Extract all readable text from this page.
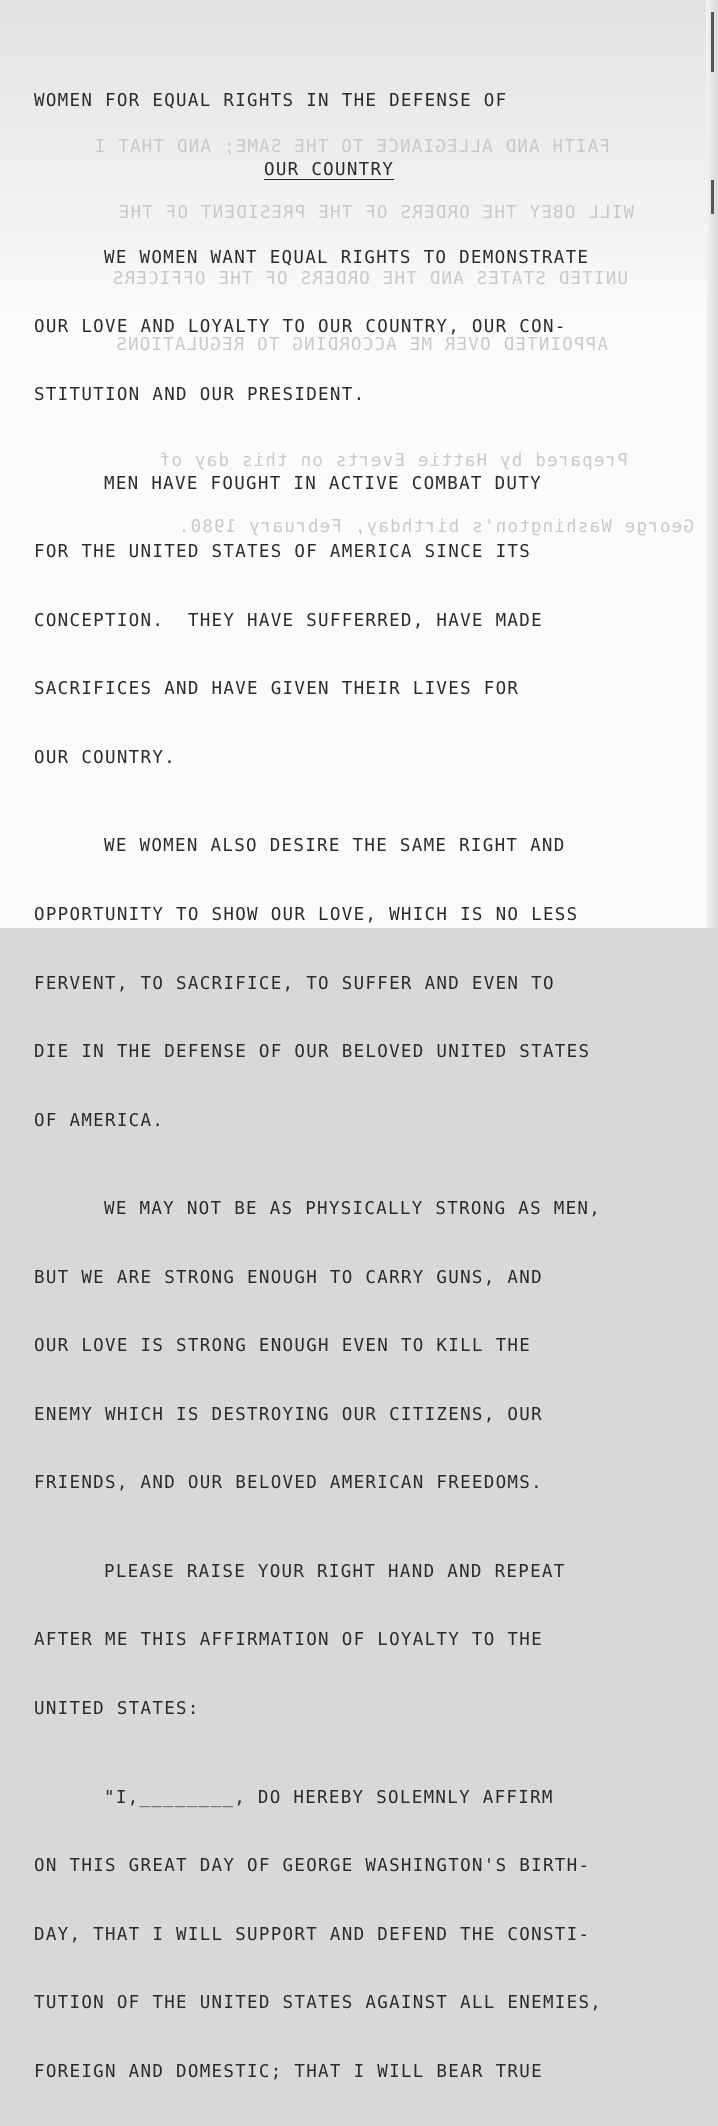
FAITH AND ALLEGIANCE TO THE SAME; AND THAT I

WILL OBEY THE ORDERS OF THE PRESIDENT OF THE

UNITED STATES AND THE ORDERS OF THE OFFICERS

APPOINTED OVER ME ACCORDING TO REGULATIONS

Prepared by Hattie Everts on this day of

George Washington's birthday, February 1980.

WOMEN FOR EQUAL RIGHTS IN THE DEFENSE OF

OUR COUNTRY

WE WOMEN WANT EQUAL RIGHTS TO DEMONSTRATE

OUR LOVE AND LOYALTY TO OUR COUNTRY, OUR CON-

STITUTION AND OUR PRESIDENT.

MEN HAVE FOUGHT IN ACTIVE COMBAT DUTY

FOR THE UNITED STATES OF AMERICA SINCE ITS

CONCEPTION.  THEY HAVE SUFFERRED, HAVE MADE

SACRIFICES AND HAVE GIVEN THEIR LIVES FOR

OUR COUNTRY.

WE WOMEN ALSO DESIRE THE SAME RIGHT AND

OPPORTUNITY TO SHOW OUR LOVE, WHICH IS NO LESS

FERVENT, TO SACRIFICE, TO SUFFER AND EVEN TO

DIE IN THE DEFENSE OF OUR BELOVED UNITED STATES

OF AMERICA.

WE MAY NOT BE AS PHYSICALLY STRONG AS MEN,

BUT WE ARE STRONG ENOUGH TO CARRY GUNS, AND

OUR LOVE IS STRONG ENOUGH EVEN TO KILL THE

ENEMY WHICH IS DESTROYING OUR CITIZENS, OUR

FRIENDS, AND OUR BELOVED AMERICAN FREEDOMS.

PLEASE RAISE YOUR RIGHT HAND AND REPEAT

AFTER ME THIS AFFIRMATION OF LOYALTY TO THE

UNITED STATES:

"I,________, DO HEREBY SOLEMNLY AFFIRM

ON THIS GREAT DAY OF GEORGE WASHINGTON'S BIRTH-

DAY, THAT I WILL SUPPORT AND DEFEND THE CONSTI-

TUTION OF THE UNITED STATES AGAINST ALL ENEMIES,

FOREIGN AND DOMESTIC; THAT I WILL BEAR TRUE
